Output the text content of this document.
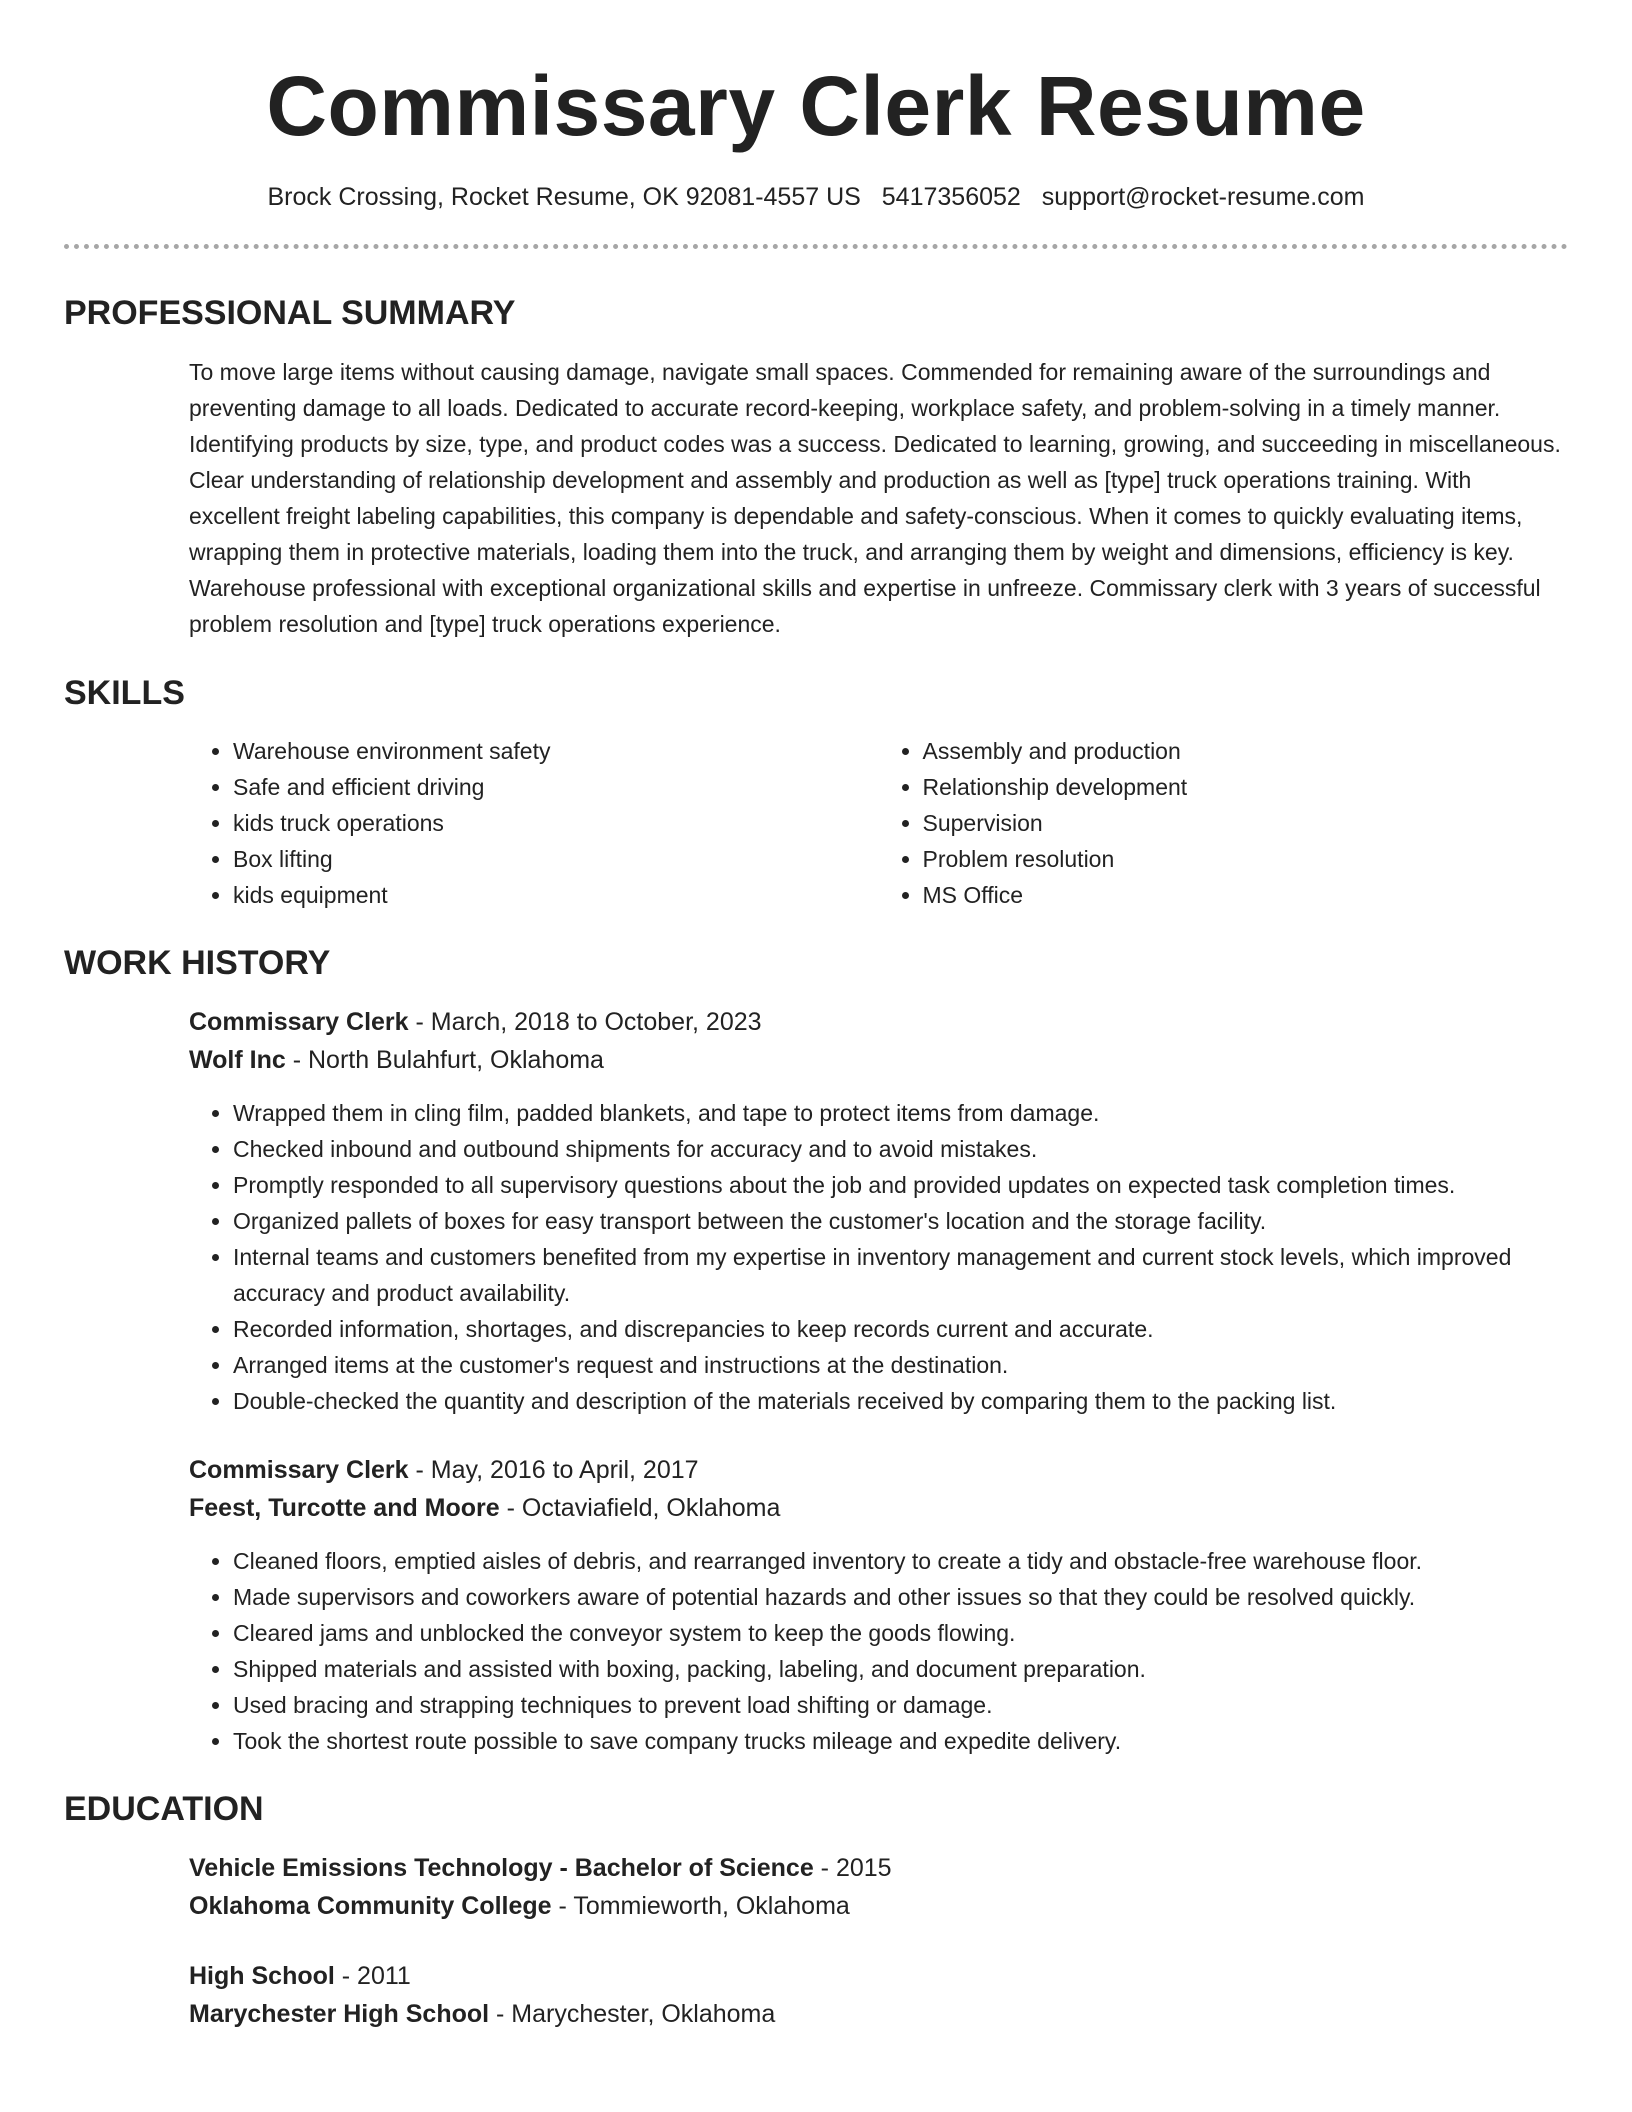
Commissary Clerk Resume
Brock Crossing, Rocket Resume, OK 92081-4557 US 5417356052 support@rocket-resume.com
PROFESSIONAL SUMMARY

To move large items without causing damage, navigate small spaces. Commended for remaining aware of the surroundings and preventing damage to all loads. Dedicated to accurate record-keeping, workplace safety, and problem-solving in a timely manner. Identifying products by size, type, and product codes was a success. Dedicated to learning, growing, and succeeding in miscellaneous. Clear understanding of relationship development and assembly and production as well as [type] truck operations training. With excellent freight labeling capabilities, this company is dependable and safety-conscious. When it comes to quickly evaluating items, wrapping them in protective materials, loading them into the truck, and arranging them by weight and dimensions, efficiency is key. Warehouse professional with exceptional organizational skills and expertise in unfreeze. Commissary clerk with 3 years of successful problem resolution and [type] truck operations experience.

SKILLS
• Warehouse environment safety
• Safe and efficient driving
• kids truck operations
• Box lifting
• kids equipment
• Assembly and production
• Relationship development
• Supervision
• Problem resolution
• MS Office
WORK HISTORY
Commissary Clerk - March, 2018 to October, 2023
Wolf Inc - North Bulahfurt, Oklahoma
• Wrapped them in cling film, padded blankets, and tape to protect items from damage.
• Checked inbound and outbound shipments for accuracy and to avoid mistakes.
• Promptly responded to all supervisory questions about the job and provided updates on expected task completion times.
• Organized pallets of boxes for easy transport between the customer's location and the storage facility.
• Internal teams and customers benefited from my expertise in inventory management and current stock levels, which improved accuracy and product availability.
• Recorded information, shortages, and discrepancies to keep records current and accurate.
• Arranged items at the customer's request and instructions at the destination.
• Double-checked the quantity and description of the materials received by comparing them to the packing list.
Commissary Clerk - May, 2016 to April, 2017
Feest, Turcotte and Moore - Octaviafield, Oklahoma
• Cleaned floors, emptied aisles of debris, and rearranged inventory to create a tidy and obstacle-free warehouse floor.
• Made supervisors and coworkers aware of potential hazards and other issues so that they could be resolved quickly.
• Cleared jams and unblocked the conveyor system to keep the goods flowing.
• Shipped materials and assisted with boxing, packing, labeling, and document preparation.
• Used bracing and strapping techniques to prevent load shifting or damage.
• Took the shortest route possible to save company trucks mileage and expedite delivery.
EDUCATION
Vehicle Emissions Technology - Bachelor of Science - 2015
Oklahoma Community College - Tommieworth, Oklahoma
High School - 2011
Marychester High School - Marychester, Oklahoma
